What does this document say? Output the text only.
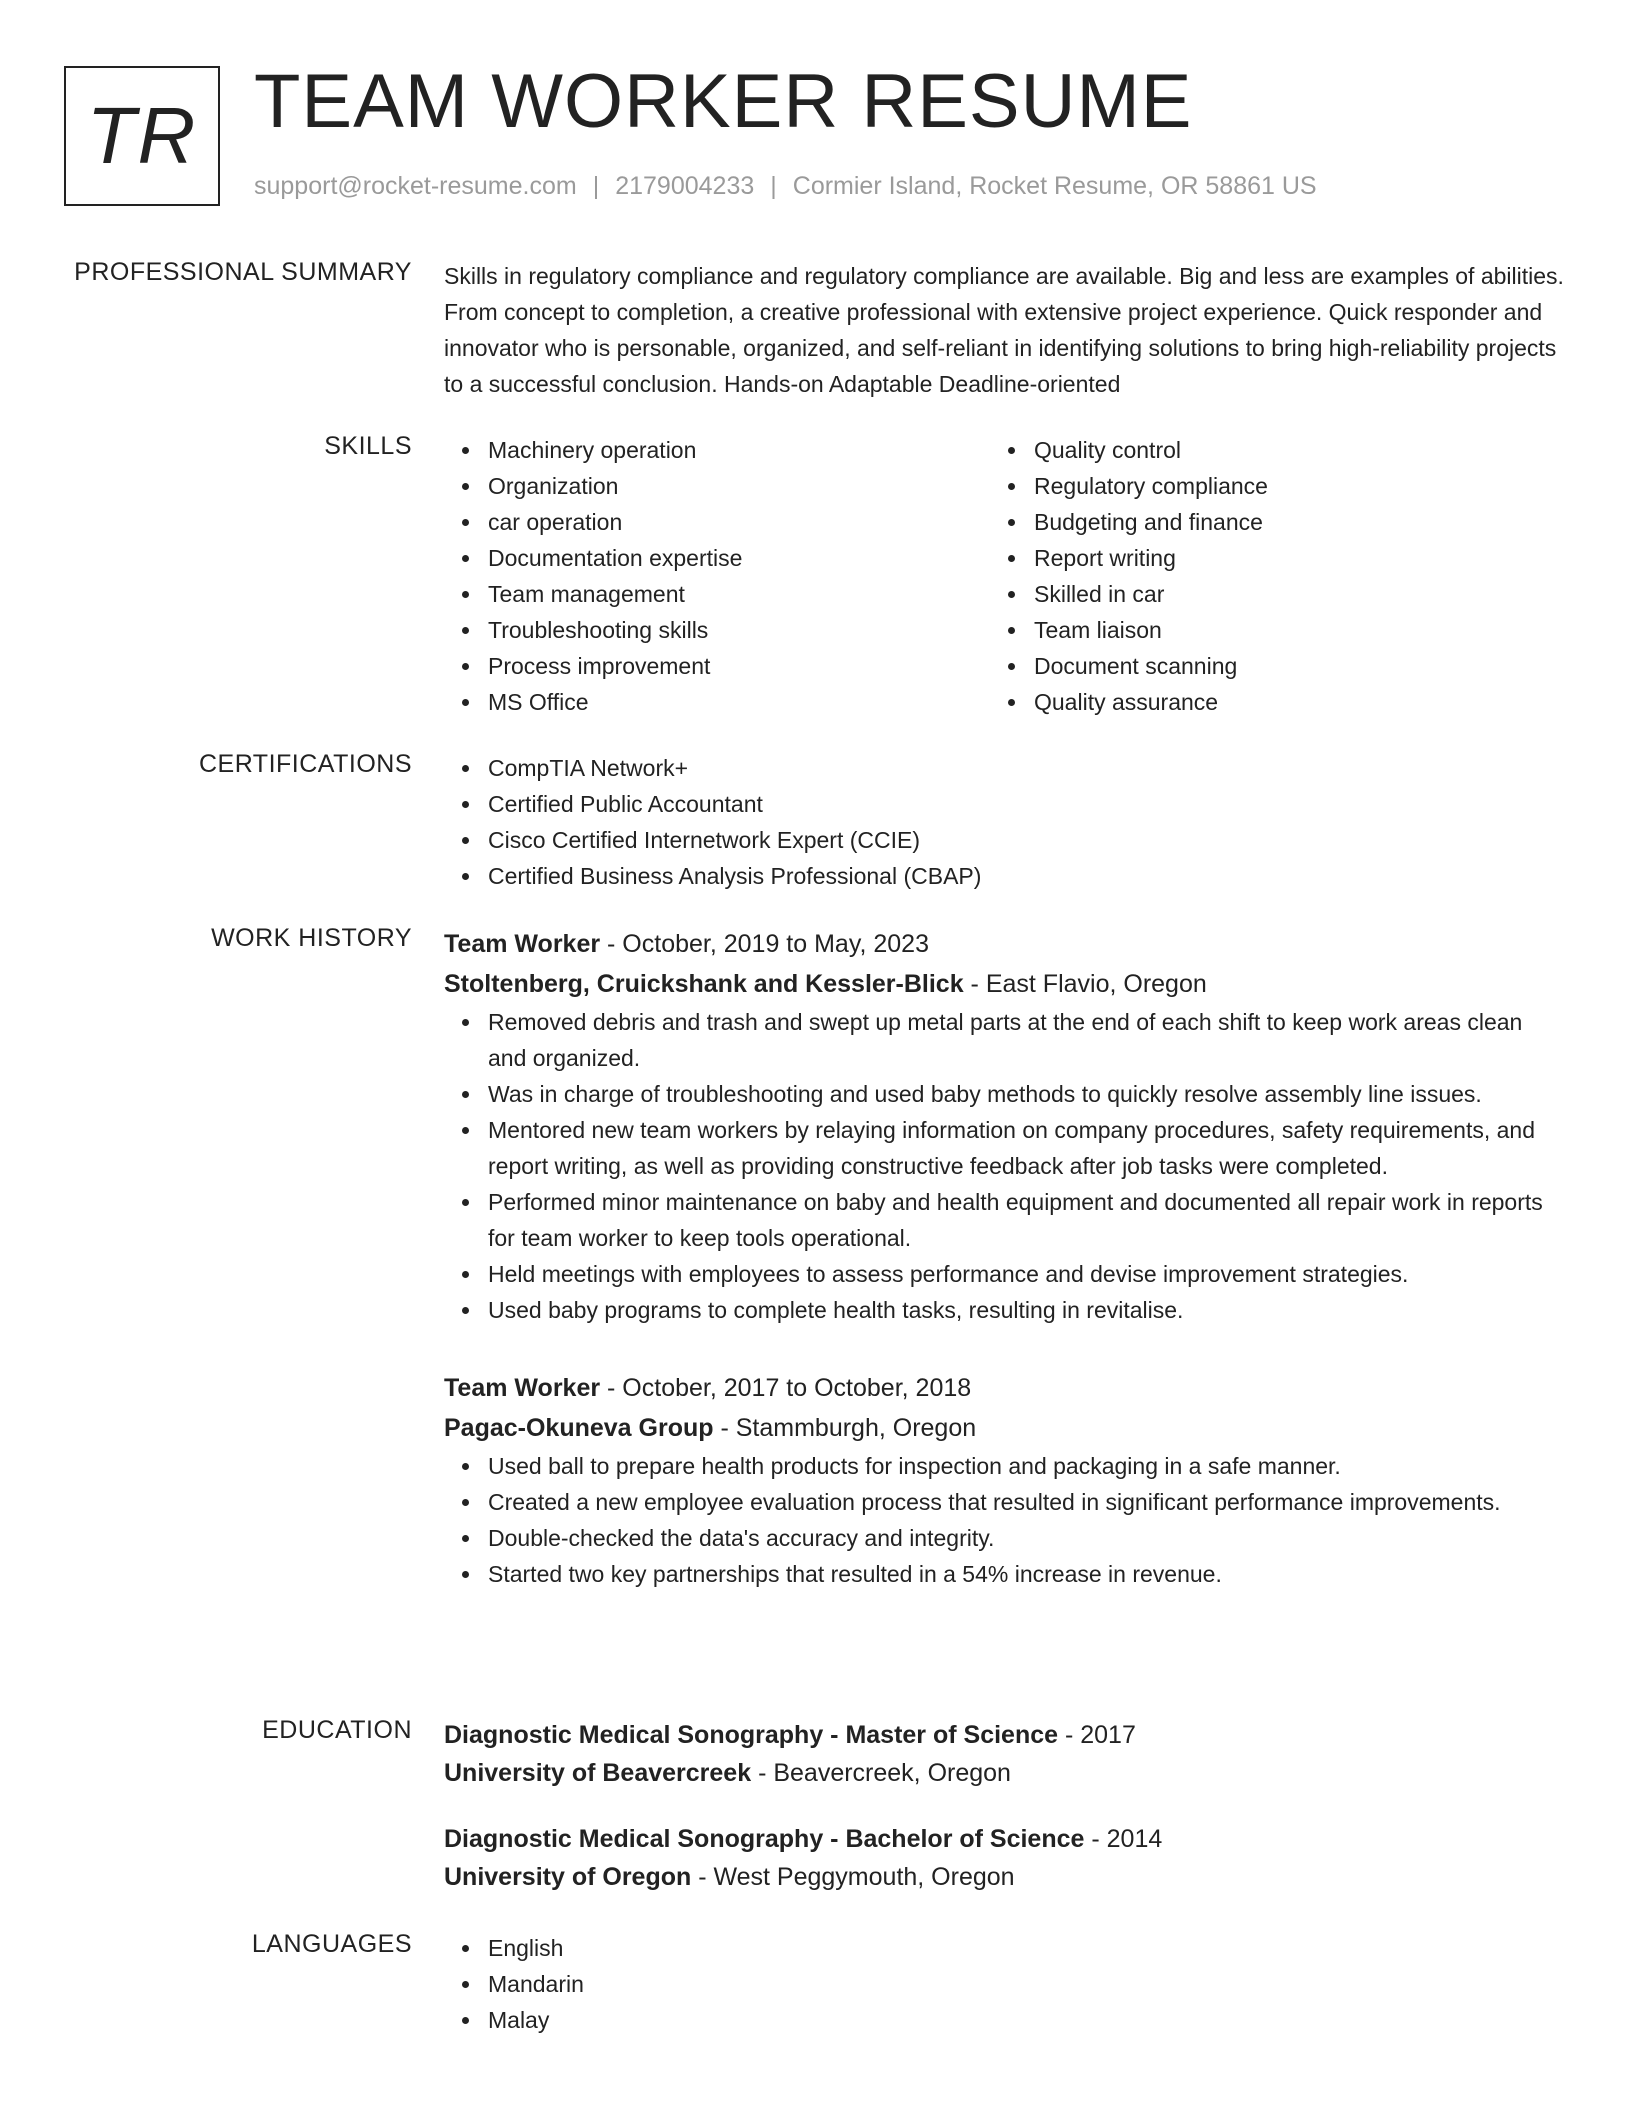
TR TEAM WORKER RESUME
support@rocket-resume.com | 2179004233 | Cormier Island, Rocket Resume, OR 58861 US
PROFESSIONAL SUMMARY Skills in regulatory compliance and regulatory compliance are available. Big and less are examples of abilities. From concept to completion, a creative professional with extensive project experience. Quick responder and innovator who is personable, organized, and self-reliant in identifying solutions to bring high-reliability projects to a successful conclusion. Hands-on Adaptable Deadline-oriented

SKILLS	Machinery operation
Organization
car operation
Documentation expertise
Team management
Troubleshooting skills
Process improvement
MS Office
Quality control
Regulatory compliance
Budgeting and finance
Report writing
Skilled in car
Team liaison
Document scanning
Quality assurance
CERTIFICATIONS	CompTIA Network+
Certified Public Accountant
Cisco Certified Internetwork Expert (CCIE)
Certified Business Analysis Professional (CBAP)
WORK HISTORY Team Worker - October, 2019 to May, 2023
Stoltenberg, Cruickshank and Kessler-Blick - East Flavio, Oregon
Removed debris and trash and swept up metal parts at the end of each shift to keep work areas clean and organized.
Was in charge of troubleshooting and used baby methods to quickly resolve assembly line issues.
Mentored new team workers by relaying information on company procedures, safety requirements, and report writing, as well as providing constructive feedback after job tasks were completed.
Performed minor maintenance on baby and health equipment and documented all repair work in reports for team worker to keep tools operational.
Held meetings with employees to assess performance and devise improvement strategies.
Used baby programs to complete health tasks, resulting in revitalise.
Team Worker - October, 2017 to October, 2018
Pagac-Okuneva Group - Stammburgh, Oregon
Used ball to prepare health products for inspection and packaging in a safe manner.
Created a new employee evaluation process that resulted in significant performance improvements.
Double-checked the data's accuracy and integrity.
Started two key partnerships that resulted in a 54% increase in revenue.
EDUCATION Diagnostic Medical Sonography - Master of Science - 2017
University of Beavercreek - Beavercreek, Oregon
Diagnostic Medical Sonography - Bachelor of Science - 2014
University of Oregon - West Peggymouth, Oregon
LANGUAGES	English
Mandarin
Malay
